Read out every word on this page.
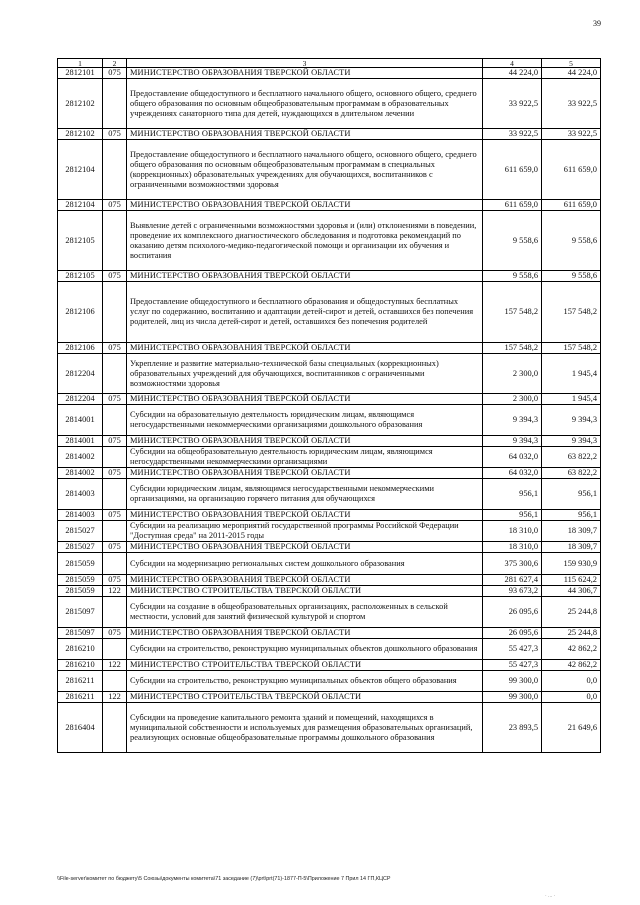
39
1	2	3	4	5
2812101	075	МИНИСТЕРСТВО ОБРАЗОВАНИЯ ТВЕРСКОЙ ОБЛАСТИ	44 224,0	44 224,0
2812102		Предоставление общедоступного и бесплатного начального общего, основного общего, среднего общего образования по основным общеобразовательным программам в образовательных учреждениях санаторного типа для детей, нуждающихся в длительном лечении	33 922,5	33 922,5
2812102	075	МИНИСТЕРСТВО ОБРАЗОВАНИЯ ТВЕРСКОЙ ОБЛАСТИ	33 922,5	33 922,5
2812104		Предоставление общедоступного и бесплатного начального общего, основного общего, среднего общего образования по основным общеобразовательным программам в специальных (коррекционных) образовательных учреждениях для обучающихся, воспитанников с ограниченными возможностями здоровья	611 659,0	611 659,0
2812104	075	МИНИСТЕРСТВО ОБРАЗОВАНИЯ ТВЕРСКОЙ ОБЛАСТИ	611 659,0	611 659,0
2812105		Выявление детей с ограниченными возможностями здоровья и (или) отклонениями в поведении, проведение их комплексного диагностического обследования и подготовка рекомендаций по оказанию детям психолого-медико-педагогической помощи и организации их обучения и воспитания	9 558,6	9 558,6
2812105	075	МИНИСТЕРСТВО ОБРАЗОВАНИЯ ТВЕРСКОЙ ОБЛАСТИ	9 558,6	9 558,6
2812106		Предоставление общедоступного и бесплатного образования и общедоступных бесплатных услуг по содержанию, воспитанию и адаптации детей-сирот и детей, оставшихся без попечения родителей, лиц из числа детей-сирот и детей, оставшихся без попечения родителей	157 548,2	157 548,2
2812106	075	МИНИСТЕРСТВО ОБРАЗОВАНИЯ ТВЕРСКОЙ ОБЛАСТИ	157 548,2	157 548,2
2812204		Укрепление и развитие материально-технической базы специальных (коррекционных) образовательных учреждений для обучающихся, воспитанников с ограниченными возможностями здоровья	2 300,0	1 945,4
2812204	075	МИНИСТЕРСТВО ОБРАЗОВАНИЯ ТВЕРСКОЙ ОБЛАСТИ	2 300,0	1 945,4
2814001		Субсидии на образовательную деятельность юридическим лицам, являющимся негосударственными некоммерческими организациями дошкольного образования	9 394,3	9 394,3
2814001	075	МИНИСТЕРСТВО ОБРАЗОВАНИЯ ТВЕРСКОЙ ОБЛАСТИ	9 394,3	9 394,3
2814002		Субсидии на общеобразовательную деятельность юридическим лицам, являющимся негосударственными некоммерческими организациями	64 032,0	63 822,2
2814002	075	МИНИСТЕРСТВО ОБРАЗОВАНИЯ ТВЕРСКОЙ ОБЛАСТИ	64 032,0	63 822,2
2814003		Субсидии юридическим лицам, являющимся негосударственными некоммерческими организациями, на организацию горячего питания для обучающихся	956,1	956,1
2814003	075	МИНИСТЕРСТВО ОБРАЗОВАНИЯ ТВЕРСКОЙ ОБЛАСТИ	956,1	956,1
2815027		Субсидии на реализацию мероприятий государственной программы Российской Федерации "Доступная среда" на 2011-2015 годы	18 310,0	18 309,7
2815027	075	МИНИСТЕРСТВО ОБРАЗОВАНИЯ ТВЕРСКОЙ ОБЛАСТИ	18 310,0	18 309,7
2815059		Субсидии на модернизацию региональных систем дошкольного образования	375 300,6	159 930,9
2815059	075	МИНИСТЕРСТВО ОБРАЗОВАНИЯ ТВЕРСКОЙ ОБЛАСТИ	281 627,4	115 624,2
2815059	122	МИНИСТЕРСТВО СТРОИТЕЛЬСТВА ТВЕРСКОЙ ОБЛАСТИ	93 673,2	44 306,7
2815097		Субсидии на создание в общеобразовательных организациях, расположенных в сельской местности, условий для занятий физической культурой и спортом	26 095,6	25 244,8
2815097	075	МИНИСТЕРСТВО ОБРАЗОВАНИЯ ТВЕРСКОЙ ОБЛАСТИ	26 095,6	25 244,8
2816210		Субсидии на строительство, реконструкцию муниципальных объектов дошкольного образования	55 427,3	42 862,2
2816210	122	МИНИСТЕРСТВО СТРОИТЕЛЬСТВА ТВЕРСКОЙ ОБЛАСТИ	55 427,3	42 862,2
2816211		Субсидии на строительство, реконструкцию муниципальных объектов общего образования	99 300,0	0,0
2816211	122	МИНИСТЕРСТВО СТРОИТЕЛЬСТВА ТВЕРСКОЙ ОБЛАСТИ	99 300,0	0,0
2816404		Субсидии на проведение капитального ремонта зданий и помещений, находящихся в муниципальной собственности и используемых для размещения образовательных организаций, реализующих основные общеобразовательные программы дошкольного образования	23 893,5	21 649,6
\\File-server\комитет по бюджету\5 Союзы\документы комитета\71 заседание (7)\prt\prt(71)-1877-П-5\Приложение 7 Прил 14 ГП,КЦСР
· ... ·
